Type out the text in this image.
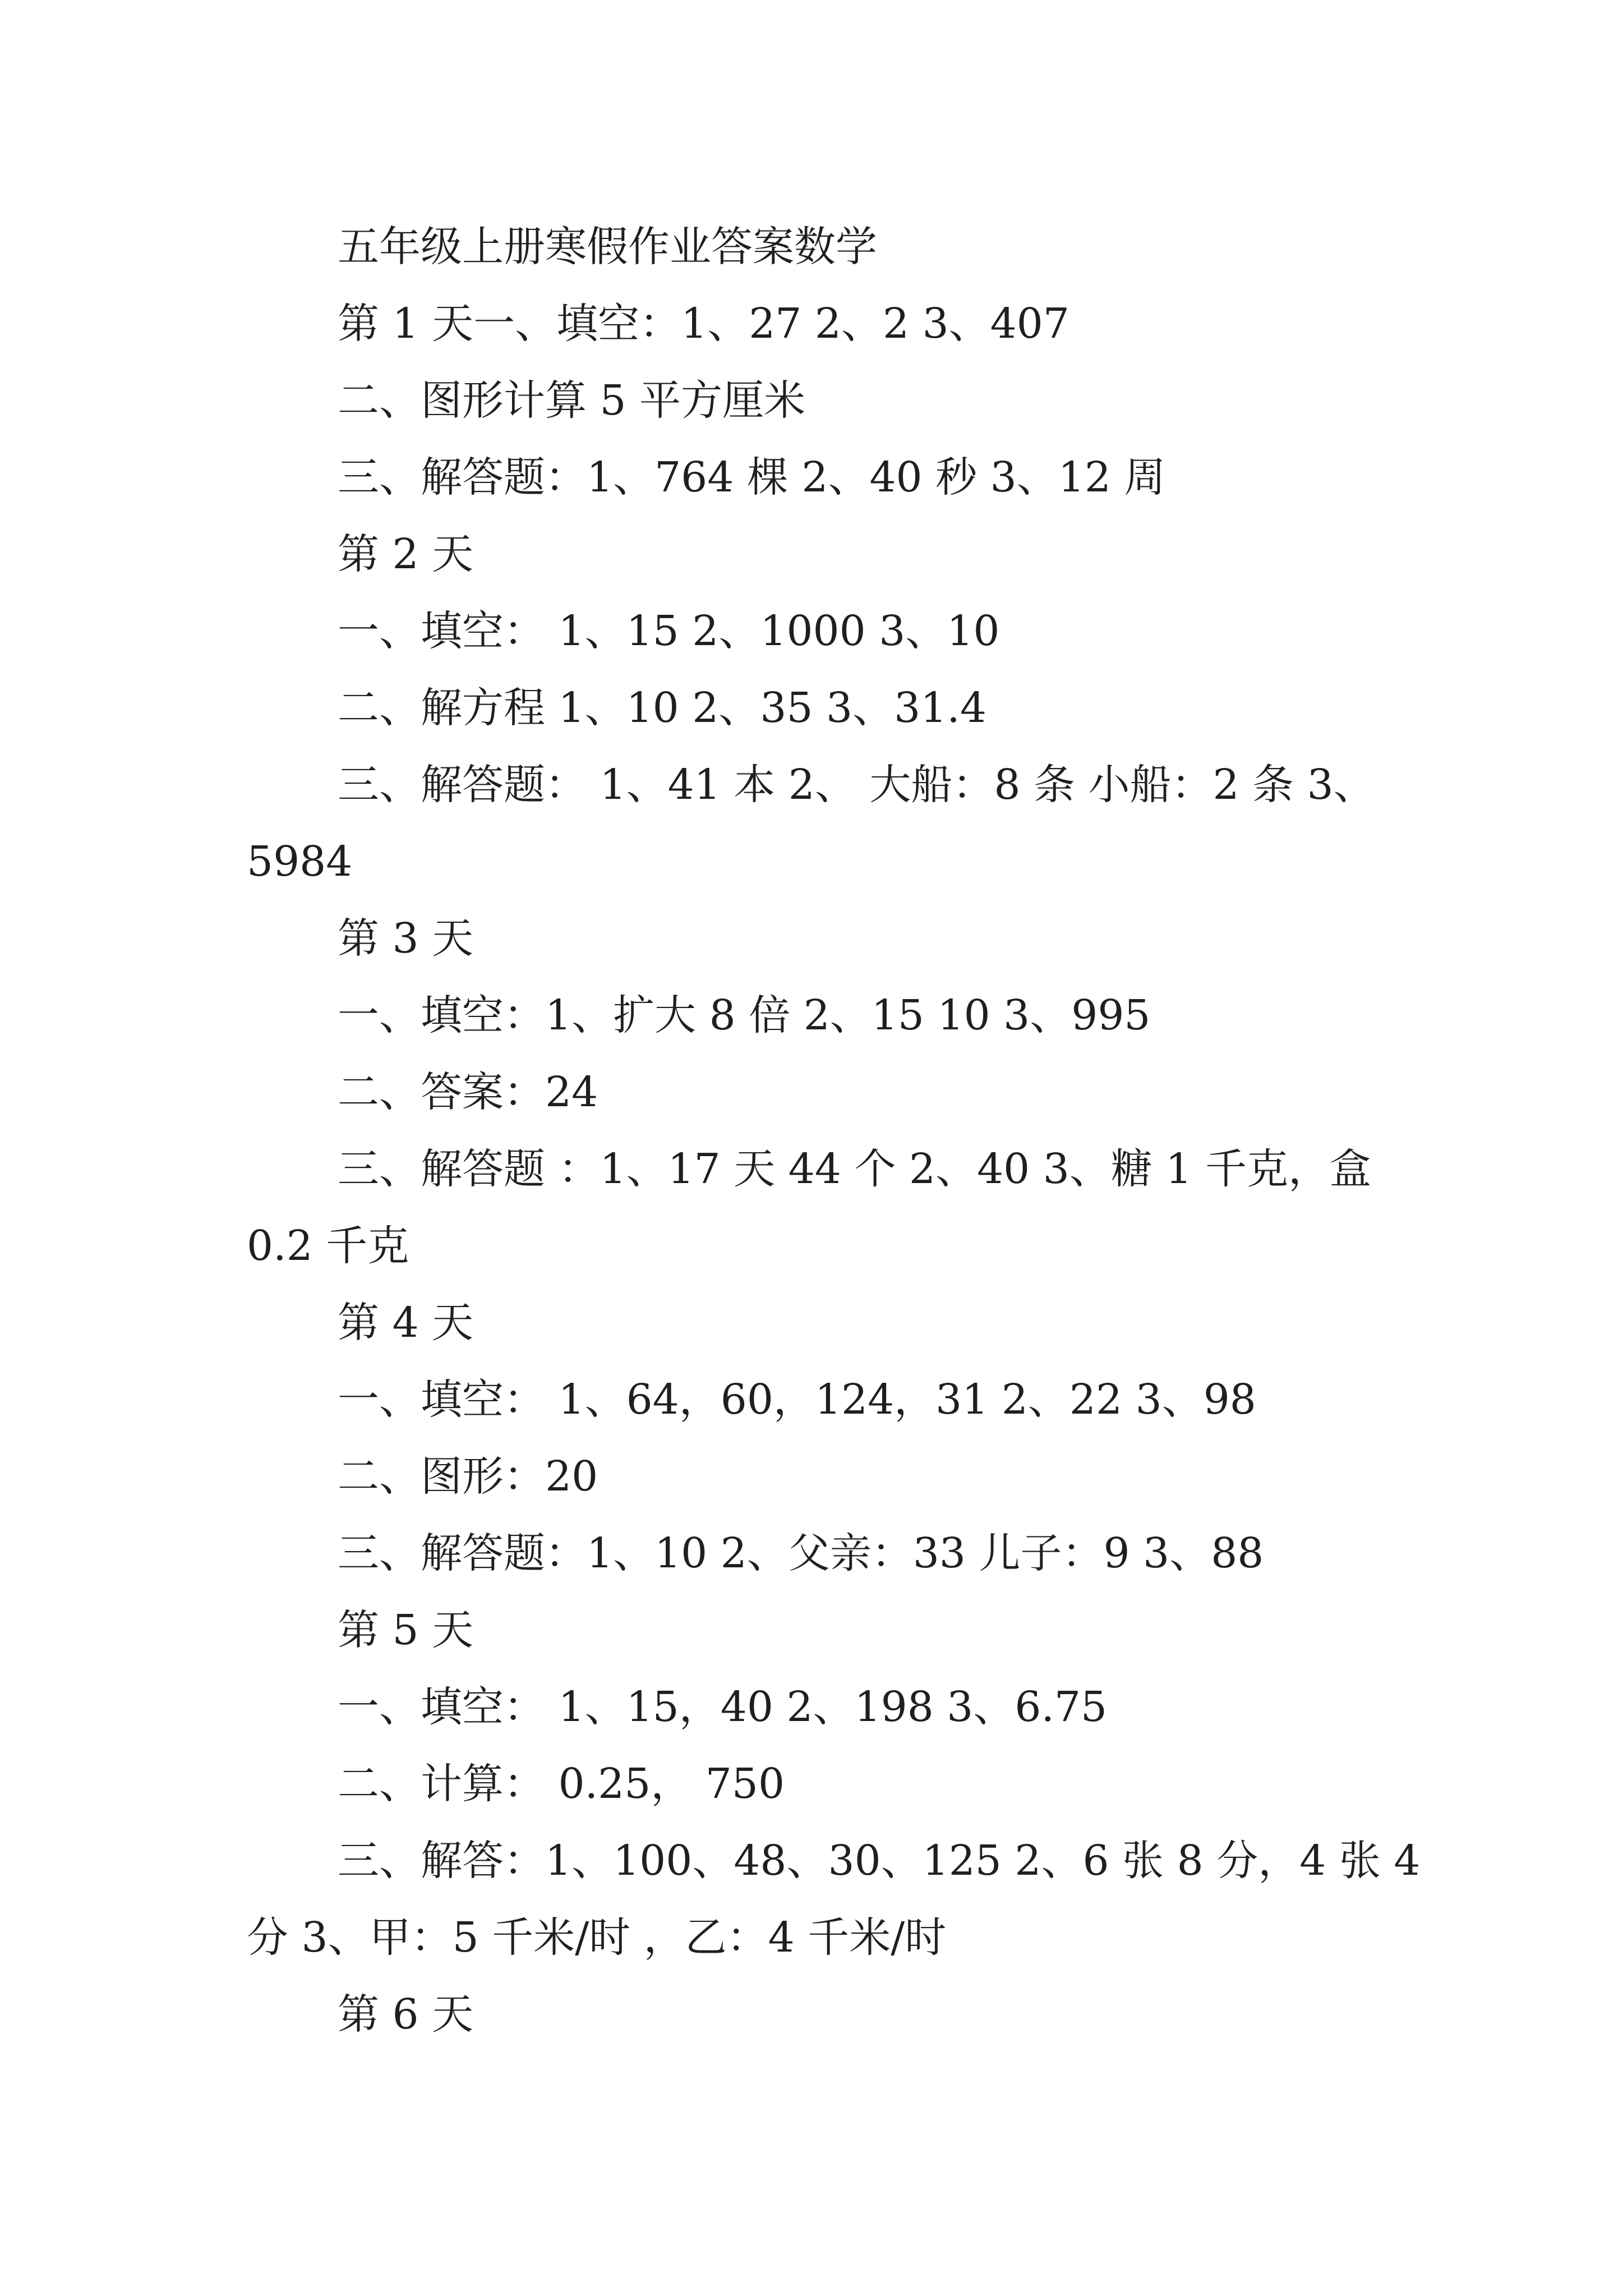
五年级上册寒假作业答案数学
第 1 天一、填空：1、27 2、2 3、407
二、图形计算 5 平方厘米
三、解答题：1、764 棵 2、40 秒 3、12 周
第 2 天
一、填空： 1、15 2、1000 3、10
二、解方程 1、10 2、35 3、31.4
三、解答题： 1、41 本 2、 大船：8 条 小船：2 条 3、
5984
第 3 天
一、填空：1、扩大 8 倍 2、15 10 3、995
二、答案：24
三、解答题 ：1、17 天 44 个 2、40 3、糖 1 千克，盒
0.2 千克
第 4 天
一、填空： 1、64，60，124，31 2、22 3、98
二、图形：20
三、解答题：1、10 2、父亲：33 儿子：9 3、88
第 5 天
一、填空： 1、15，40 2、198 3、6.75
二、计算： 0.25， 750
三、解答：1、100、48、30、125 2、6 张 8 分，4 张 4
分 3、甲：5 千米/时 ，乙：4 千米/时
第 6 天
